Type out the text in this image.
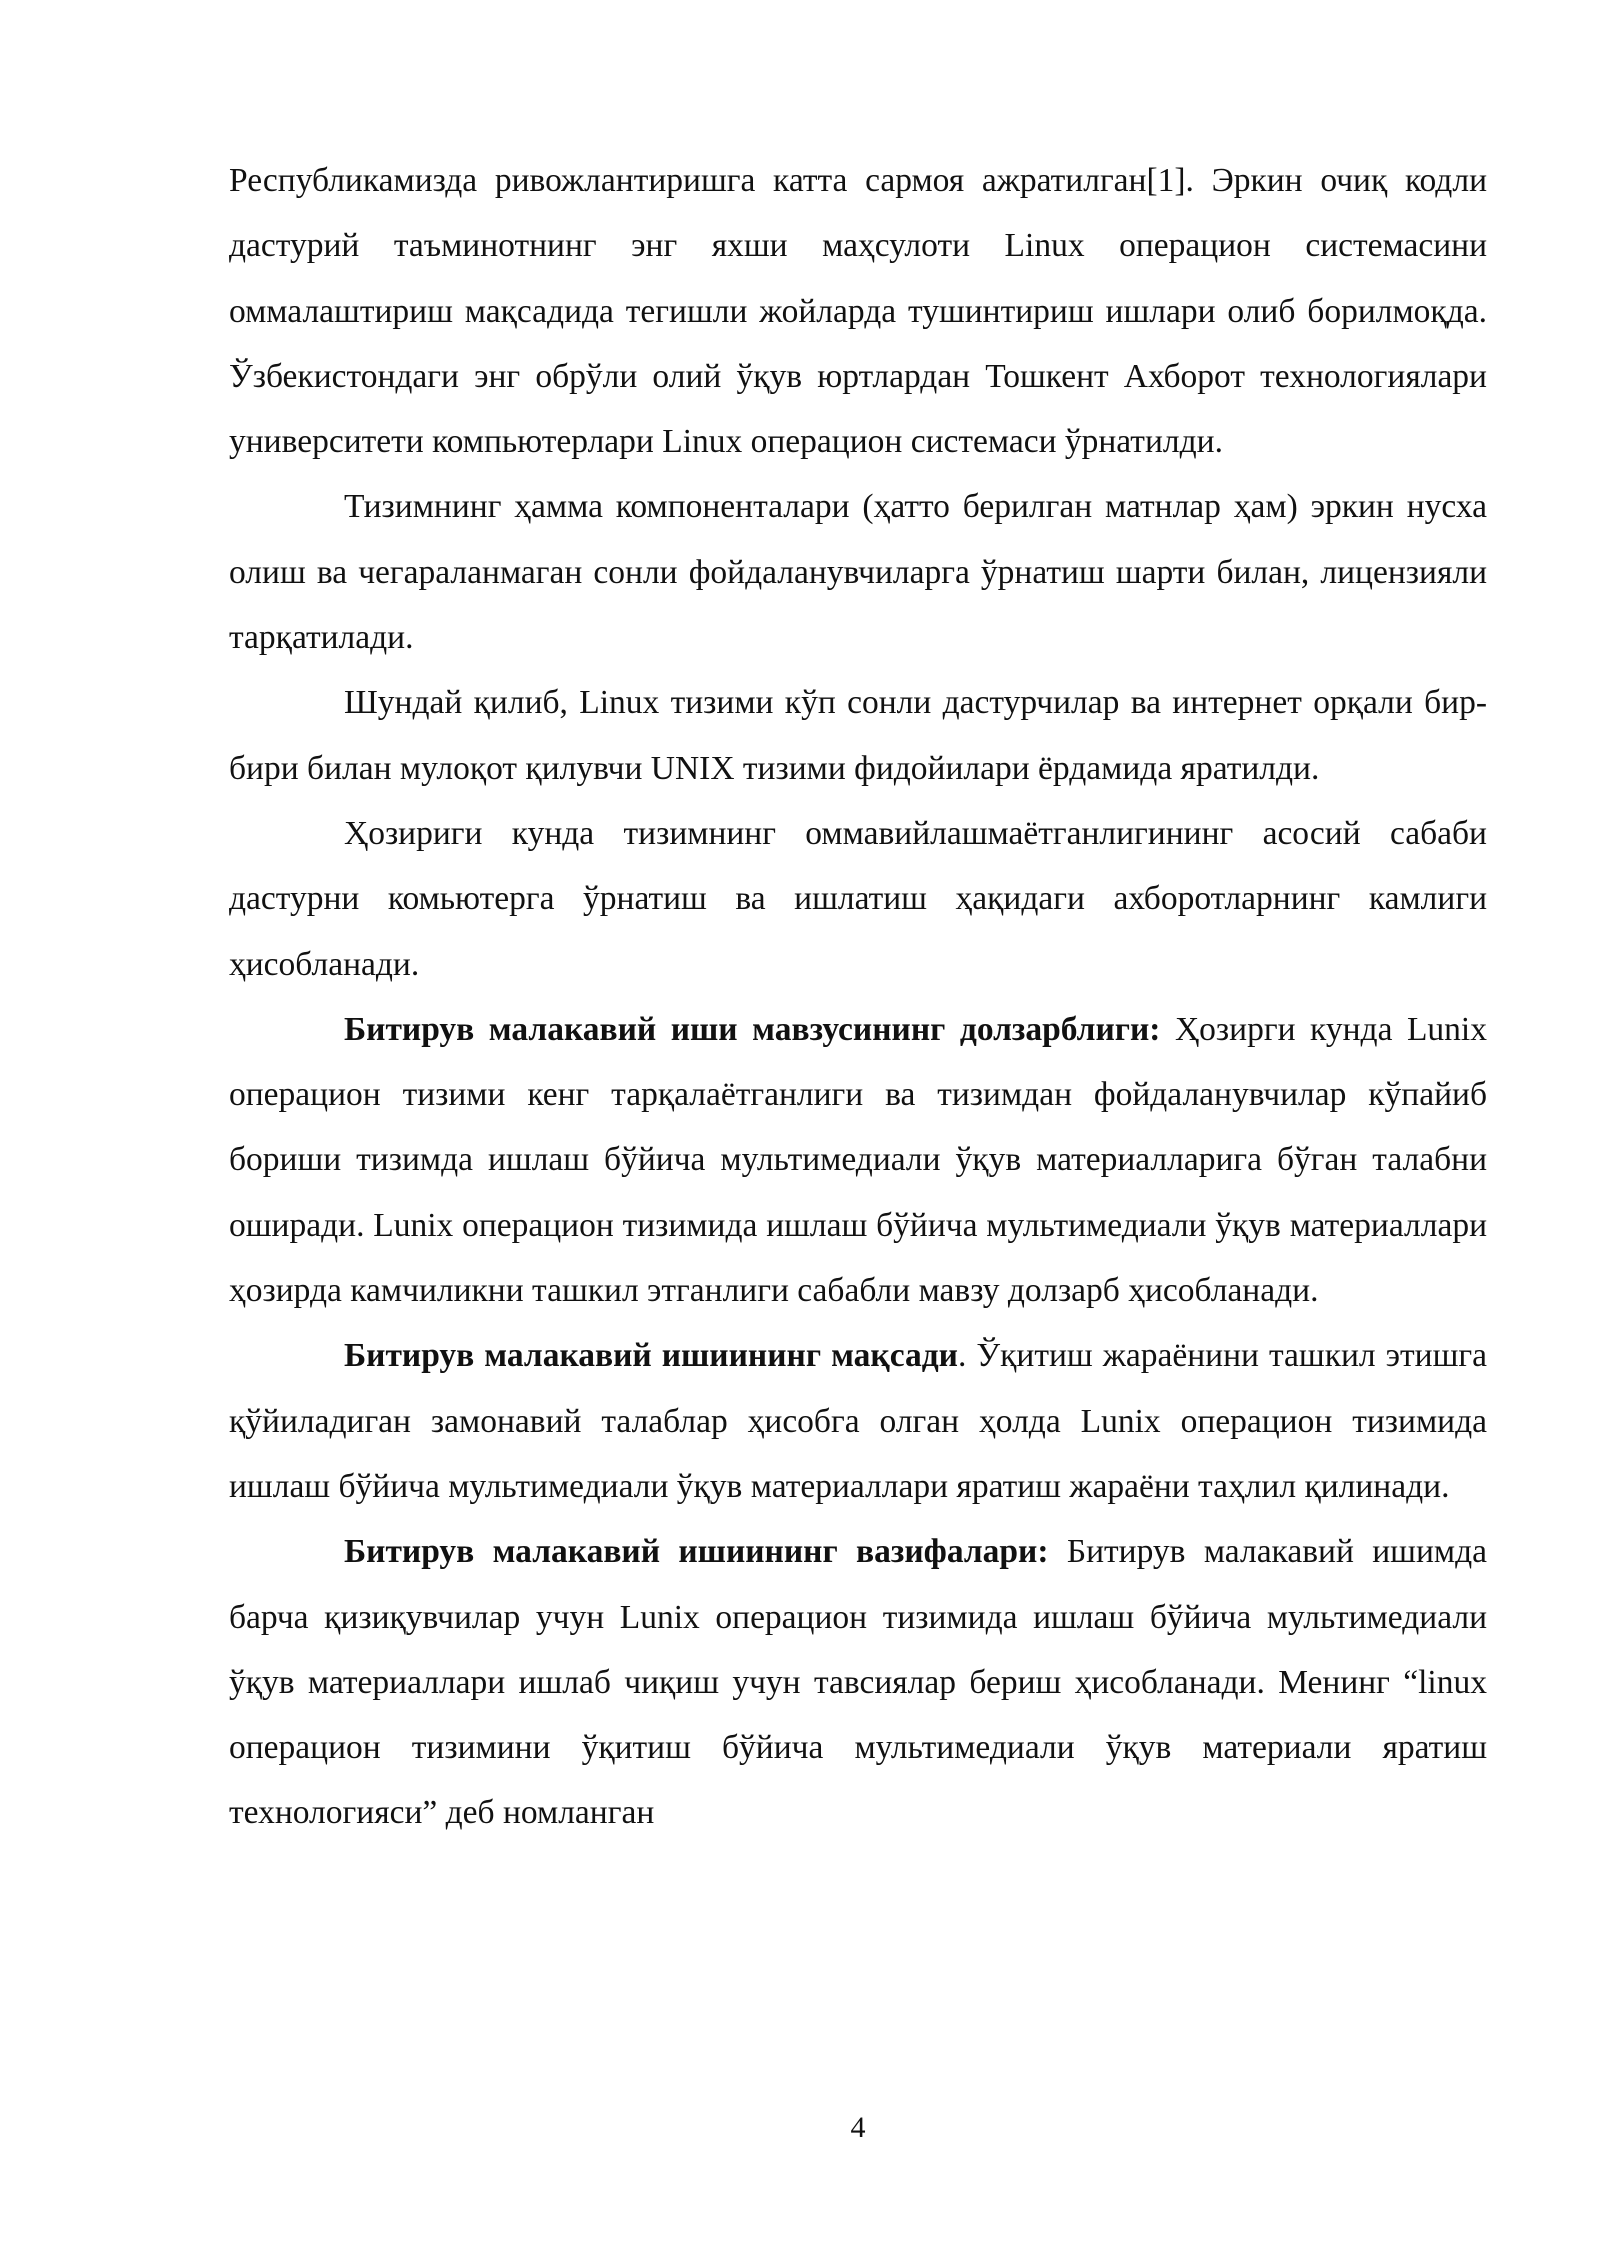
Республикамизда ривожлантиришга катта сармоя ажратилган[1]. Эркин очиқ кодли дастурий таъминотнинг энг яхши маҳсулоти Linux операцион системасини оммалаштириш мақсадида тегишли жойларда тушинтириш ишлари олиб борилмоқда. Ўзбекистондаги энг обрўли олий ўқув юртлардан Тошкент Ахборот технологиялари университети компьютерлари Linux операцион системаси ўрнатилди.

Тизимнинг ҳамма компоненталари (ҳатто берилган матнлар ҳам) эркин нусха олиш ва чегараланмаган сонли фойдаланувчиларга ўрнатиш шарти билан, лицензияли тарқатилади.

Шундай қилиб, Linux тизими кўп сонли дастурчилар ва интернет орқали бир-бири билан мулоқот қилувчи UNIX тизими фидойилари ёрдамида яратилди.

Ҳозириги кунда тизимнинг оммавийлашмаётганлигининг асосий сабаби дастурни комьютерга ўрнатиш ва ишлатиш ҳақидаги ахборотларнинг камлиги ҳисобланади.

Битирув малакавий иши мавзусининг долзарблиги: Ҳозирги кунда Lunix операцион тизими кенг тарқалаётганлиги ва тизимдан фойдаланувчилар кўпайиб бориши тизимда ишлаш бўйича мультимедиали ўқув материалларига бўган талабни оширади. Lunix операцион тизимида ишлаш бўйича мультимедиали ўқув материаллари ҳозирда камчиликни ташкил этганлиги сабабли мавзу долзарб ҳисобланади.

Битирув малакавий ишиининг мақсади. Ўқитиш жараёнини ташкил этишга қўйиладиган замонавий талаблар ҳисобга олган ҳолда Lunix операцион тизимида ишлаш бўйича мультимедиали ўқув материаллари яратиш жараёни таҳлил қилинади.

Битирув малакавий ишиининг вазифалари: Битирув малакавий ишимда барча қизиқувчилар учун Lunix операцион тизимида ишлаш бўйича мультимедиали ўқув материаллари ишлаб чиқиш учун тавсиялар бериш ҳисобланади. Менинг “linux операцион тизимини ўқитиш бўйича мультимедиали ўқув материали яратиш технологияси” деб номланган

4
